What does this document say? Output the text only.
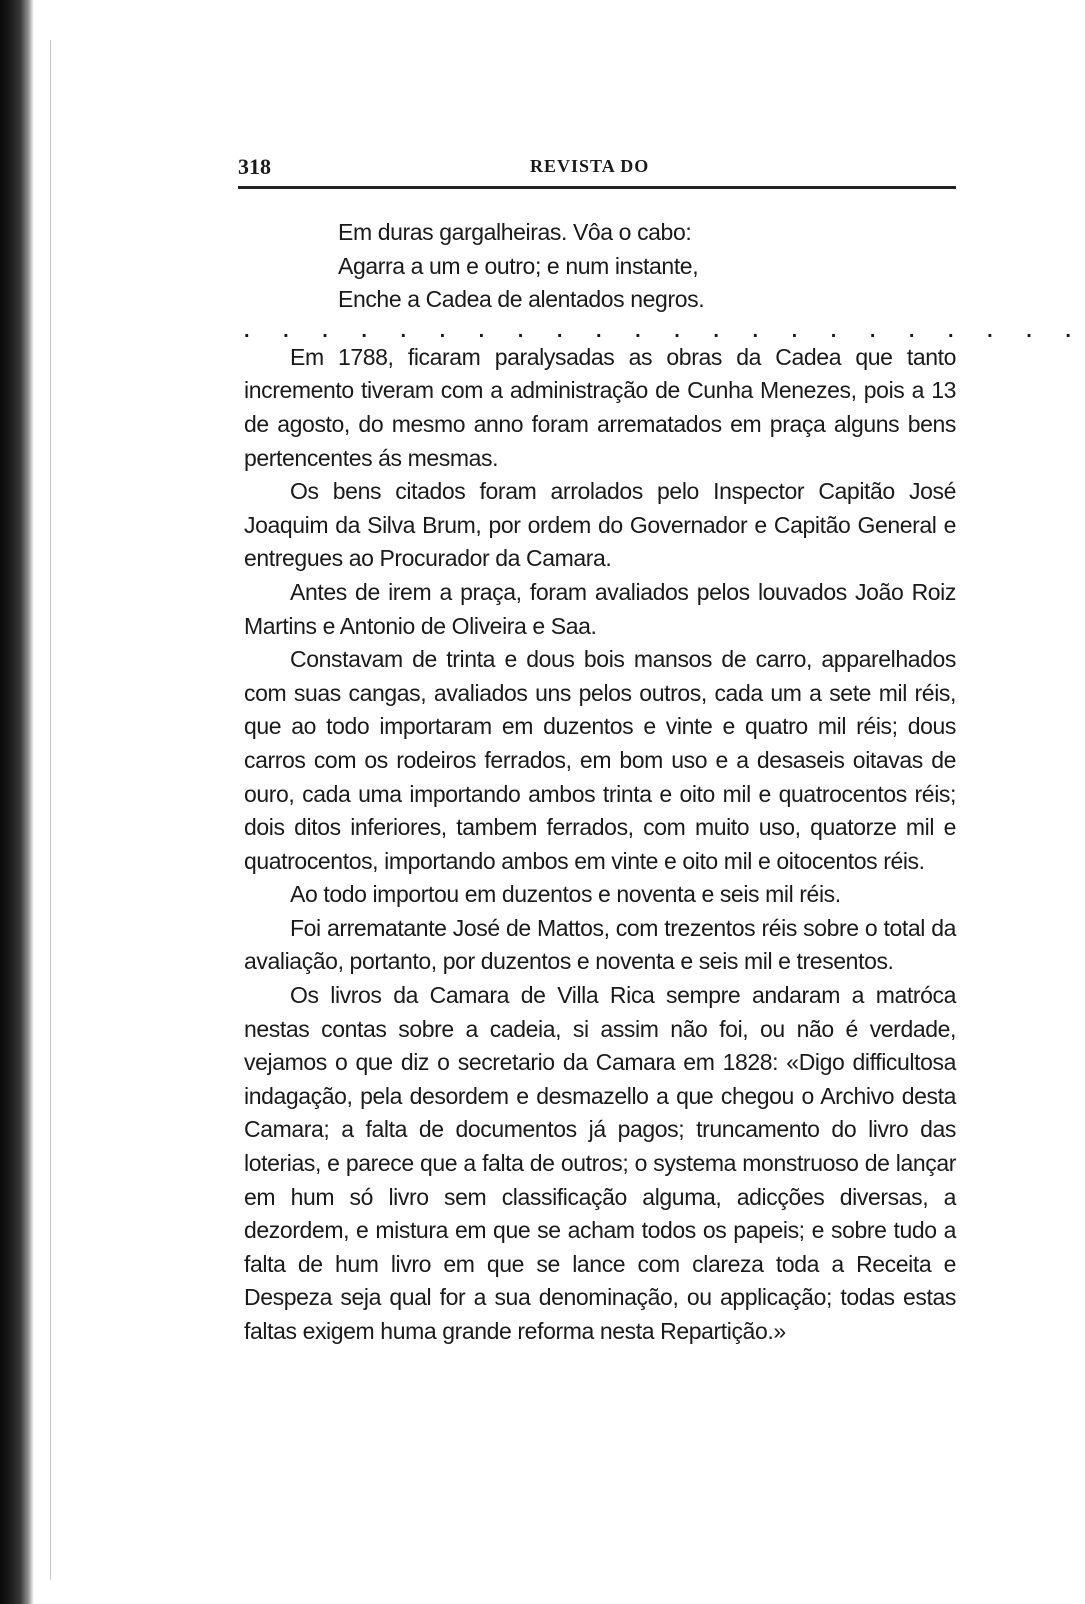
318	REVISTA DO

Em duras gargalheiras. Vôa o cabo:

Agarra a um e outro; e num instante,

Enche a Cadea de alentados negros.

. . . . . . . . . . . . . . . . . . . . . .

Em 1788, ficaram paralysadas as obras da Cadea que tanto incremento tiveram com a administração de Cunha Menezes, pois a 13 de agosto, do mesmo anno foram arrematados em praça alguns bens pertencentes ás mesmas.

Os bens citados foram arrolados pelo Inspector Capitão José Joaquim da Silva Brum, por ordem do Governador e Capitão General e entregues ao Procurador da Camara.

Antes de irem a praça, foram avaliados pelos louvados João Roiz Martins e Antonio de Oliveira e Saa.

Constavam de trinta e dous bois mansos de carro, apparelhados com suas cangas, avaliados uns pelos outros, cada um a sete mil réis, que ao todo importaram em duzentos e vinte e quatro mil réis; dous carros com os rodeiros ferrados, em bom uso e a desaseis oitavas de ouro, cada uma importando ambos trinta e oito mil e quatrocentos réis; dois ditos inferiores, tambem ferrados, com muito uso, quatorze mil e quatrocentos, importando ambos em vinte e oito mil e oitocentos réis.

Ao todo importou em duzentos e noventa e seis mil réis.

Foi arrematante José de Mattos, com trezentos réis sobre o total da avaliação, portanto, por duzentos e noventa e seis mil e tresentos.

Os livros da Camara de Villa Rica sempre andaram a matróca nestas contas sobre a cadeia, si assim não foi, ou não é verdade, vejamos o que diz o secretario da Camara em 1828: «Digo difficultosa indagação, pela desordem e desmazello a que chegou o Archivo desta Camara; a falta de documentos já pagos; truncamento do livro das loterias, e parece que a falta de outros; o systema monstruoso de lançar em hum só livro sem classificação alguma, adicções diversas, a dezordem, e mistura em que se acham todos os papeis; e sobre tudo a falta de hum livro em que se lance com clareza toda a Receita e Despeza seja qual for a sua denominação, ou applicação; todas estas faltas exigem huma grande reforma nesta Repartição.»
